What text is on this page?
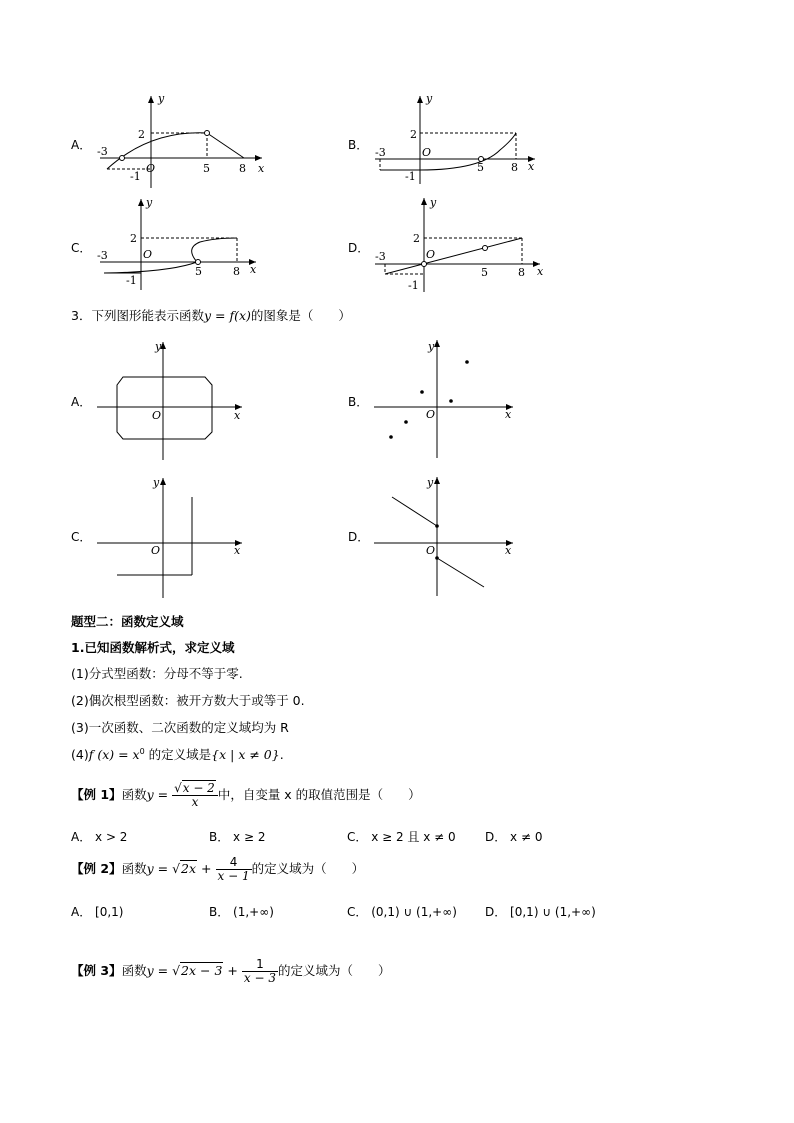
A．
y
x
O
-3
5	8
2
-1
B．
y
x
O
-3
5 8
2
-1
C．
y
x
O
-3
5	8
2
-1
D．
y
x
O
-3
5	8
2
-1
3．下列图形能表示函数y = f(x)的图象是（　　）
A．
y
x
O
B．
y
x
O
C．
y
x
O
D．
y
x
O
题型二：函数定义域
1.已知函数解析式，求定义域
(1)分式型函数：分母不等于零.
(2)偶次根型函数：被开方数大于或等于 0.
(3)一次函数、二次函数的定义域均为 R
(4)f $(x) = x^0$ 的定义域是{x | x ≠ 0}.
【例 1】函数$y = \frac{√x - 2}{x}$ 中，自变量 x 的取值范围是（　　）
A． x > 2	B． x ≥ 2	C． x ≥ 2 且 x ≠ 0 D． x ≠ 0
【例 2】函数$y = √2x + \frac{4}{x - 1}$ 的定义域为（　　）
A． [0,1)	B． (1,+∞)	C． (0,1) ∪ (1,+∞) D． [0,1) ∪ (1,+∞)
【例 3】函数$y = √2x - 3 + \frac{1}{x - 3}$ 的定义域为（　　）
